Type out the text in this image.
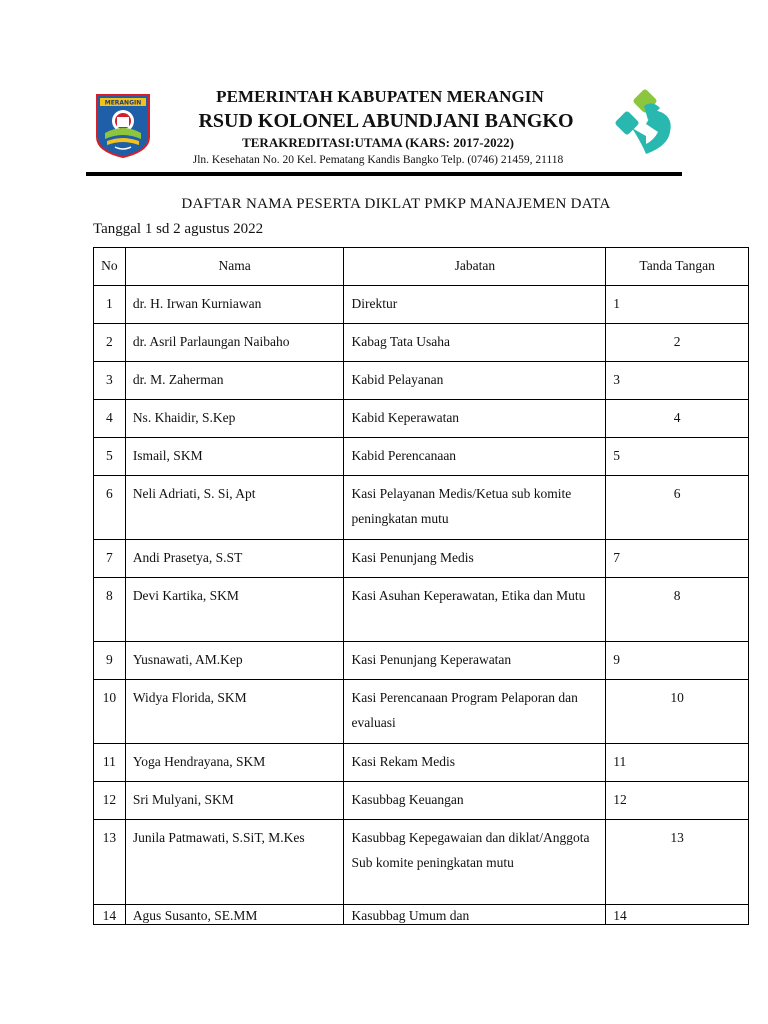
MERANGIN	PEMERINTAH KABUPATEN MERANGIN
RSUD KOLONEL ABUNDJANI BANGKO
TERAKREDITASI:UTAMA (KARS: 2017-2022)
Jln. Kesehatan No. 20 Kel. Pematang Kandis Bangko Telp. (0746) 21459, 21118
DAFTAR NAMA PESERTA DIKLAT PMKP MANAJEMEN DATA
Tanggal 1 sd 2 agustus 2022
No	Nama	Jabatan	Tanda Tangan
1	dr. H. Irwan Kurniawan	Direktur	1
2	dr. Asril Parlaungan Naibaho	Kabag Tata Usaha	2
3	dr. M. Zaherman	Kabid Pelayanan	3
4	Ns. Khaidir, S.Kep	Kabid Keperawatan	4
5	Ismail, SKM	Kabid Perencanaan	5
6	Neli Adriati, S. Si, Apt	Kasi Pelayanan Medis/Ketua sub komite peningkatan mutu	6
7	Andi Prasetya, S.ST	Kasi Penunjang Medis	7
8	Devi Kartika, SKM	Kasi Asuhan Keperawatan, Etika dan Mutu	8
9	Yusnawati, AM.Kep	Kasi Penunjang Keperawatan	9
10	Widya Florida, SKM	Kasi Perencanaan Program Pelaporan dan evaluasi	10
11	Yoga Hendrayana, SKM	Kasi Rekam Medis	11
12	Sri Mulyani, SKM	Kasubbag Keuangan	12
13	Junila Patmawati, S.SiT, M.Kes	Kasubbag Kepegawaian dan diklat/Anggota Sub komite peningkatan mutu	13
14	Agus Susanto, SE.MM	Kasubbag Umum dan	14
